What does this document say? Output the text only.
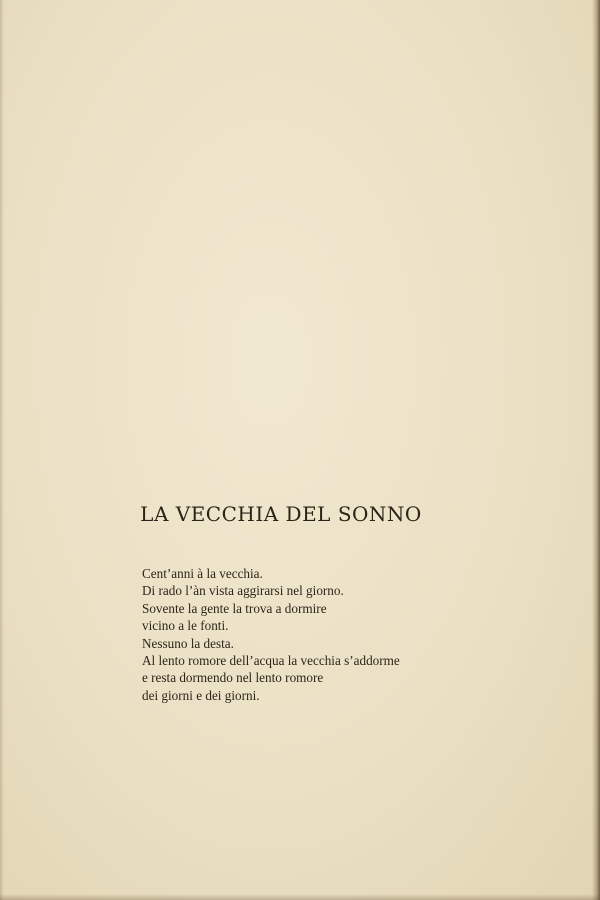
LA VECCHIA DEL SONNO
Cent’anni à la vecchia.
Di rado l’àn vista aggirarsi nel giorno.
Sovente la gente la trova a dormire
vicino a le fonti.
Nessuno la desta.
Al lento romore dell’acqua la vecchia s’addorme
e resta dormendo nel lento romore
dei giorni e dei giorni.
